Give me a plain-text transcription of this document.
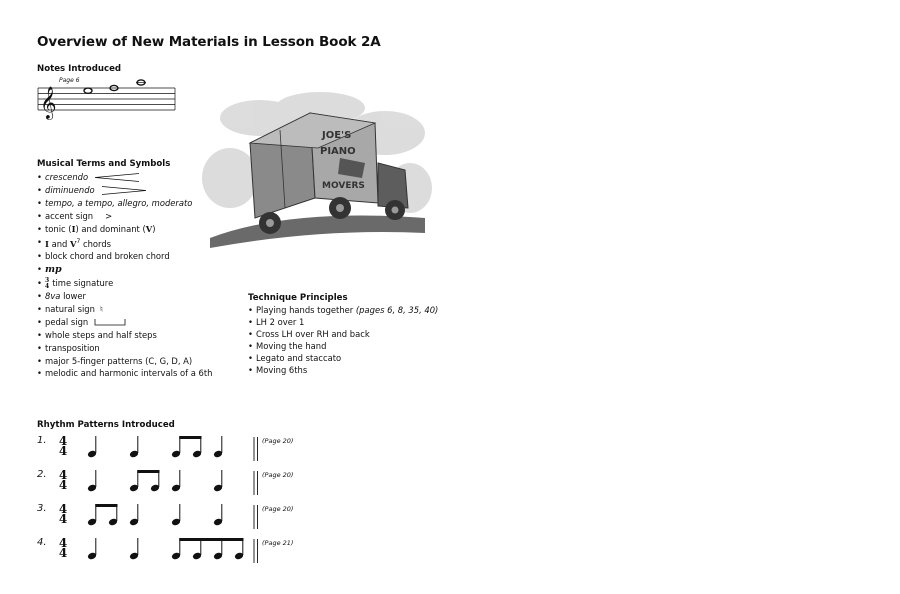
Overview of New Materials in Lesson Book 2A
Notes Introduced
𝄞
Page 6
JOE'S
PIANO
MOVERS
Musical Terms and Symbols
• crescendo
• diminuendo
• tempo, a tempo, allegro, moderato
• accent sign >
• tonic (I) and dominant (V)
• I and $V^7$ chords
• block chord and broken chord
• mp
• 3
4 time signature
• 8va lower
• natural sign ♮
• pedal sign
• whole steps and half steps
• transposition
• major 5-finger patterns (C, G, D, A)
• melodic and harmonic intervals of a 6th
Technique Principles
• Playing hands together (pages 6, 8, 35, 40)
• LH 2 over 1
• Cross LH over RH and back
• Moving the hand
• Legato and staccato
• Moving 6ths
Rhythm Patterns Introduced
1. 4
4
(Page 20)
2. 4
4
(Page 20)
3. 4
4
(Page 20)
4. 4
4
(Page 21)
